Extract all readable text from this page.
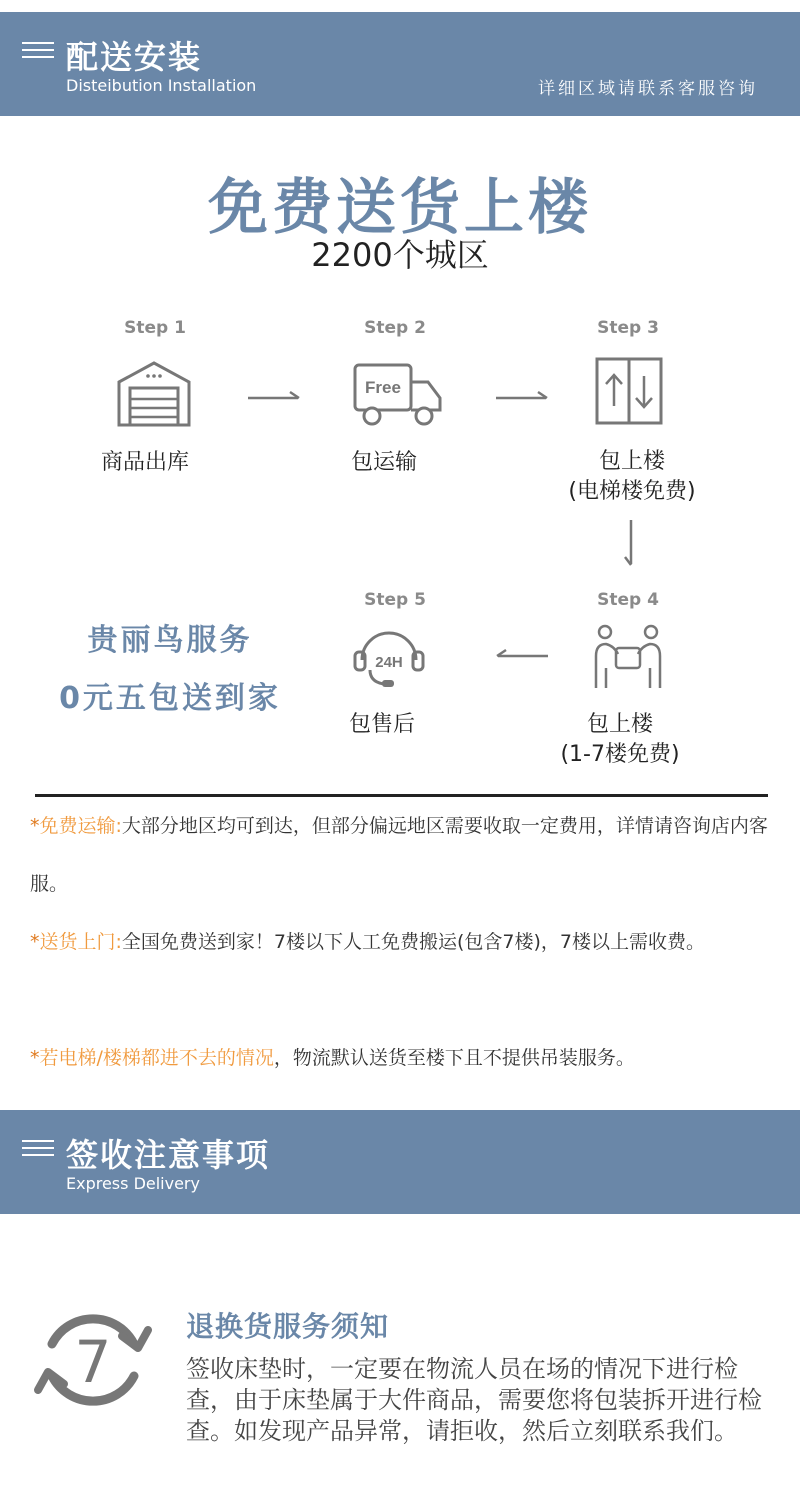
配送安装
Disteibution Installation	详细区域请联系客服咨询
免费送货上楼
2200个城区
Step 1
商品出库
Step 2
Free
包运输
Step 3
包上楼
(电梯楼免费)
贵丽鸟服务
0元五包送到家
Step 5
24H
包售后
Step 4
包上楼
(1-7楼免费)
*免费运输:大部分地区均可到达，但部分偏远地区需要收取一定费用，详情请咨询店内客服。
*送货上门:全国免费送到家！7楼以下人工免费搬运(包含7楼)，7楼以上需收费。
*若电梯/楼梯都进不去的情况，物流默认送货至楼下且不提供吊装服务。
签收注意事项
Express Delivery
7
退换货服务须知
签收床垫时，一定要在物流人员在场的情况下进行检查，由于床垫属于大件商品，需要您将包装拆开进行检查。如发现产品异常，请拒收，然后立刻联系我们。
